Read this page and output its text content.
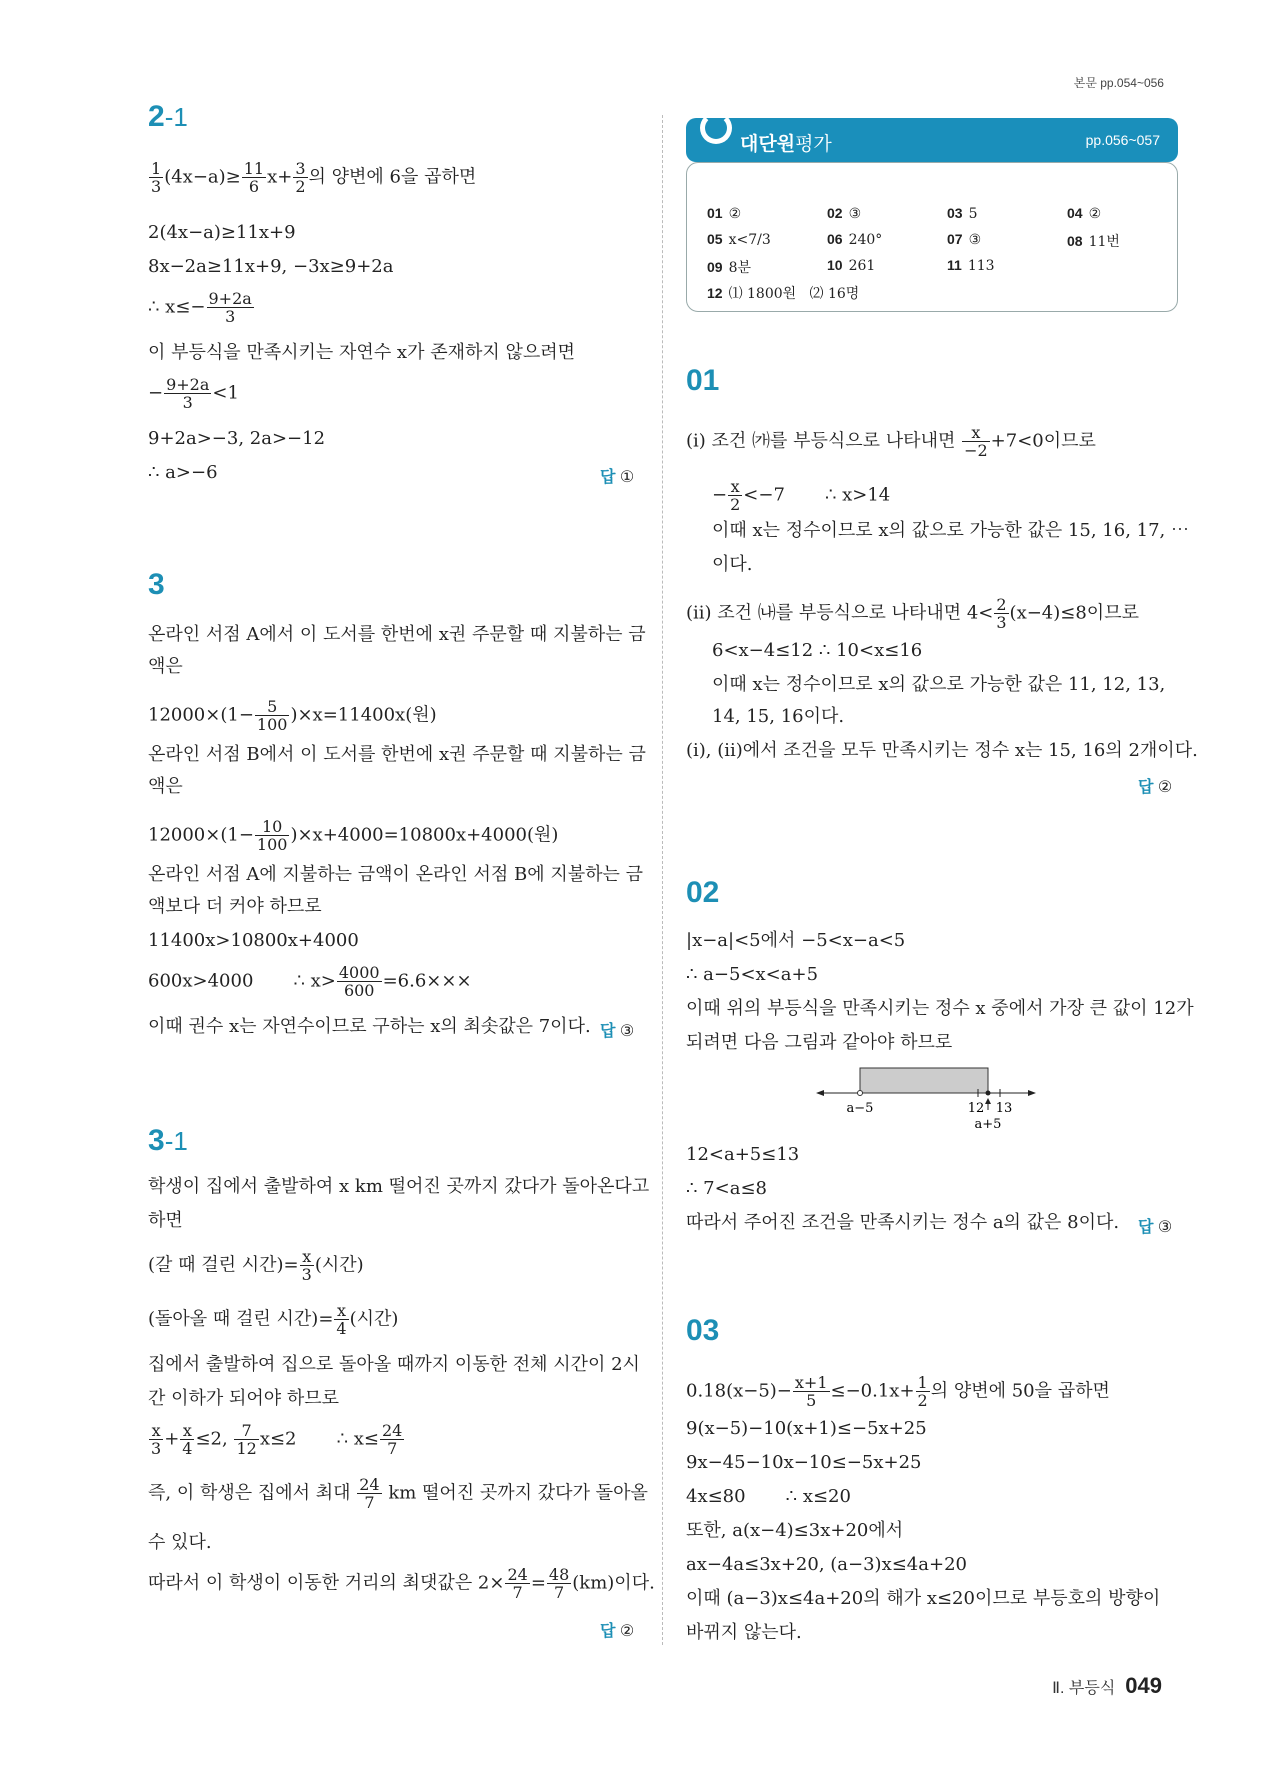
본문 pp.054~056
2-1
$\frac{1}{3} (4x-a)\ge \frac{11}{6} x+ \frac{3}{2}$ 의 양변에 6을 곱하면
2(4x−a)≥11x+9
8x−2a≥11x+9, −3x≥9+2a
∴ $x\le- \frac{9+2a}{3}$
이 부등식을 만족시키는 자연수 x가 존재하지 않으려면
− $\frac{9+2a}{3} <1$
9+2a>−3, 2a>−12
∴ a>−6	답 ①
3
온라인 서점 A에서 이 도서를 한번에 x권 주문할 때 지불하는 금
액은
$12000\times(1- \frac{5}{100} )\times x=11400x$(원)
온라인 서점 B에서 이 도서를 한번에 x권 주문할 때 지불하는 금
액은
$12000\times(1- \frac{10}{100} )\times x+4000=10800x+4000$(원)
온라인 서점 A에 지불하는 금액이 온라인 서점 B에 지불하는 금
액보다 더 커야 하므로
11400x>10800x+4000
600x>4000       ∴ $x> \frac{4000}{600} =6.6\times\times\times$
이때 권수 x는 자연수이므로 구하는 x의 최솟값은 7이다. 답 ③
3-1
학생이 집에서 출발하여 x km 떨어진 곳까지 갔다가 돌아온다고
하면
(갈 때 걸린 시간)= $\frac{x}{3}$ (시간)
(돌아올 때 걸린 시간)= $\frac{x}{4}$ (시간)
집에서 출발하여 집으로 돌아올 때까지 이동한 전체 시간이 2시
간 이하가 되어야 하므로
$\frac{x}{3} + \frac{x}{4} \le 2$, $\frac{7}{12} x\le 2$       ∴ $x\le \frac{24}{7}$
즉, 이 학생은 집에서 최대 $\frac{24}{7}$ km 떨어진 곳까지 갔다가 돌아올
수 있다.
따라서 이 학생이 이동한 거리의 최댓값은 $2\times \frac{24}{7} = \frac{48}{7} (km)$이다.
답 ②
대단원평가	pp.056~057
01 ②	02 ③	03 5	04 ②
05 x<7/3	06 240°	07 ③	08 11번
09 8분	10 261	11 113
12 ⑴ 1800원   ⑵ 16명
01
(ⅰ) 조건 ㈎를 부등식으로 나타내면 $\frac{x}{-2} +7<0$이므로
− $\frac{x}{2} <-7$       ∴ x>14
이때 x는 정수이므로 x의 값으로 가능한 값은 15, 16, 17, ⋯
이다.
(ⅱ) 조건 ㈏를 부등식으로 나타내면 $4< \frac{2}{3} (x-4)\le 8$이므로
6<x−4≤12 ∴ 10<x≤16
이때 x는 정수이므로 x의 값으로 가능한 값은 11, 12, 13,
14, 15, 16이다.
(ⅰ), (ⅱ)에서 조건을 모두 만족시키는 정수 x는 15, 16의 2개이다.
답 ②
02
|x−a|<5에서 −5<x−a<5
∴ a−5<x<a+5
이때 위의 부등식을 만족시키는 정수 x 중에서 가장 큰 값이 12가
되려면 다음 그림과 같아야 하므로
a−5	12 13
a+5
12<a+5≤13
∴ 7<a≤8
따라서 주어진 조건을 만족시키는 정수 a의 값은 8이다. 답 ③
03
$0.18(x-5)- \frac{x+1}{5} \le-0.1x+ \frac{1}{2}$ 의 양변에 50을 곱하면
9(x−5)−10(x+1)≤−5x+25
9x−45−10x−10≤−5x+25
4x≤80       ∴ x≤20
또한, a(x−4)≤3x+20에서
ax−4a≤3x+20, (a−3)x≤4a+20
이때 (a−3)x≤4a+20의 해가 x≤20이므로 부등호의 방향이
바뀌지 않는다.
Ⅱ. 부등식 049
